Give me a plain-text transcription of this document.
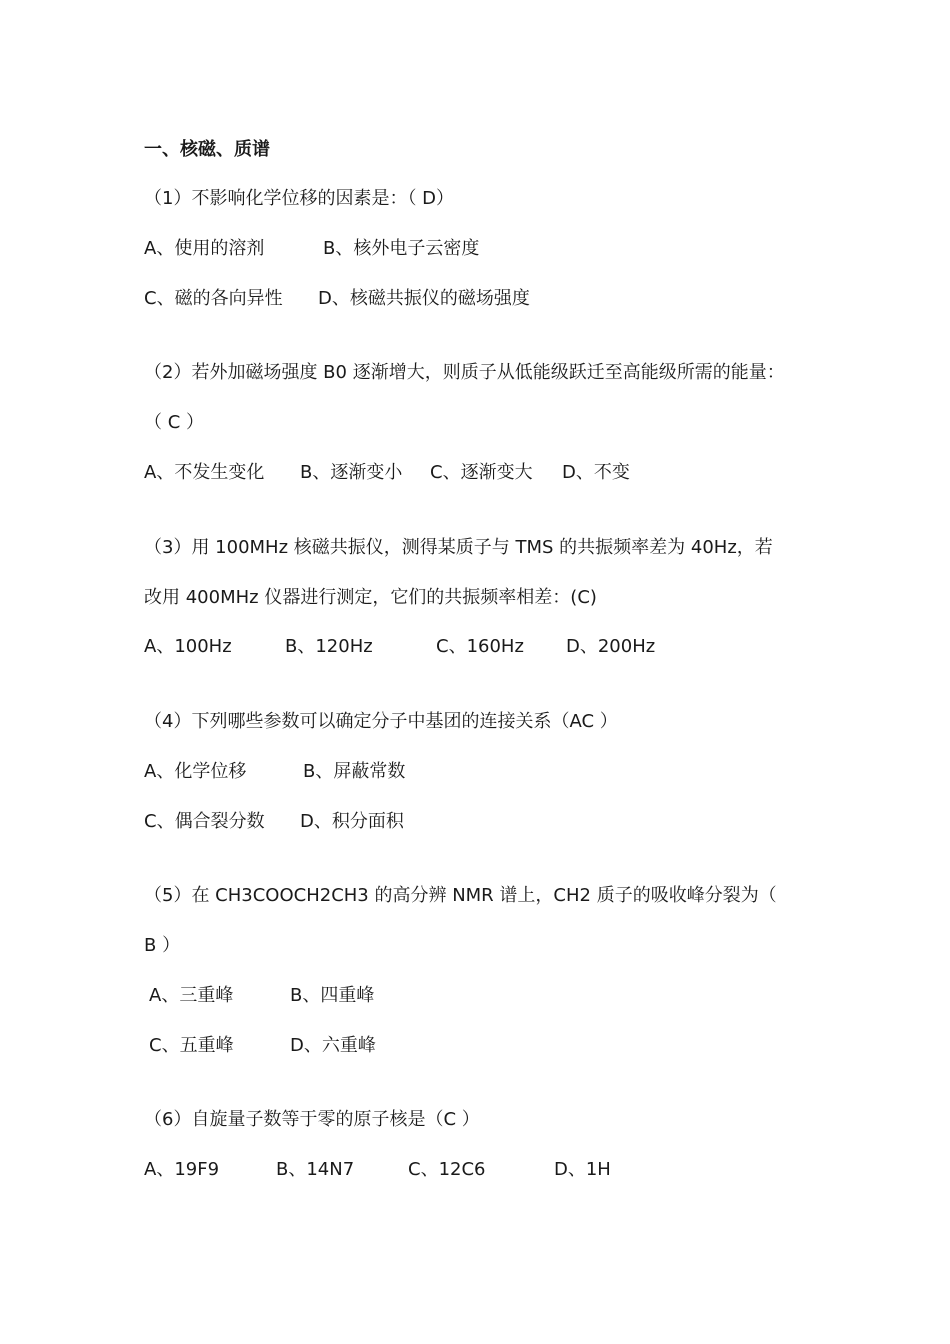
一、核磁、质谱
（1）不影响化学位移的因素是：（ D）
A、使用的溶剂	B、核外电子云密度
C、磁的各向异性 D、核磁共振仪的磁场强度
（2）若外加磁场强度 B0 逐渐增大，则质子从低能级跃迁至高能级所需的能量：
（ C ）
A、不发生变化 B、逐渐变小 C、逐渐变大 D、不变
（3）用 100MHz 核磁共振仪，测得某质子与 TMS 的共振频率差为 40Hz，若
改用 400MHz 仪器进行测定，它们的共振频率相差：(C)
A、100Hz	B、120Hz	C、160Hz D、200Hz
（4）下列哪些参数可以确定分子中基团的连接关系（AC ）
A、化学位移	B、屏蔽常数
C、偶合裂分数 D、积分面积
（5）在 CH3COOCH2CH3 的高分辨 NMR 谱上，CH2 质子的吸收峰分裂为（
B ）
A、三重峰	B、四重峰
C、五重峰	D、六重峰
（6）自旋量子数等于零的原子核是（C ）
A、19F9	B、14N7	C、12C6	D、1H
